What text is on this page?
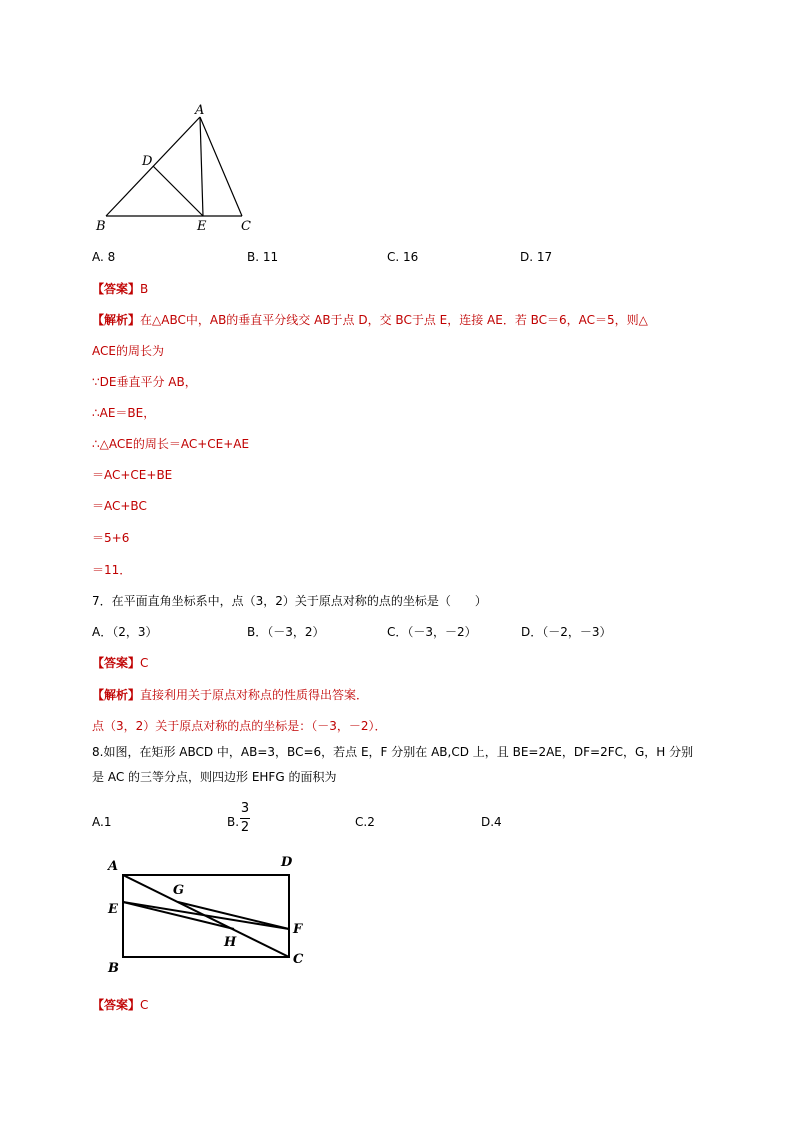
A
D
B	E	C
A. 8	B. 11	C. 16	D. 17
【答案】B
【解析】在△ABC中，AB的垂直平分线交 AB于点 D，交 BC于点 E，连接 AE．若 BC＝6，AC＝5，则△
ACE的周长为
∵DE垂直平分 AB，
∴AE＝BE，
∴△ACE的周长＝AC+CE+AE
＝AC+CE+BE
＝AC+BC
＝5+6
＝11．
7．在平面直角坐标系中，点（3，2）关于原点对称的点的坐标是（　　）
A．（2，3）	B．（－3，2）	C．（－3，－2）	D．（－2，－3）
【答案】C
【解析】直接利用关于原点对称点的性质得出答案．
点（3，2）关于原点对称的点的坐标是：（－3，－2）．
8.如图，在矩形 ABCD 中，AB=3，BC=6，若点 E，F 分别在 AB,CD 上，且 BE=2AE，DF=2FC，G，H 分别
是 AC 的三等分点，则四边形 EHFG 的面积为
A.1	B.
3
2	C.2	D.4
A	D
G
E
F
H
B
C
【答案】C
